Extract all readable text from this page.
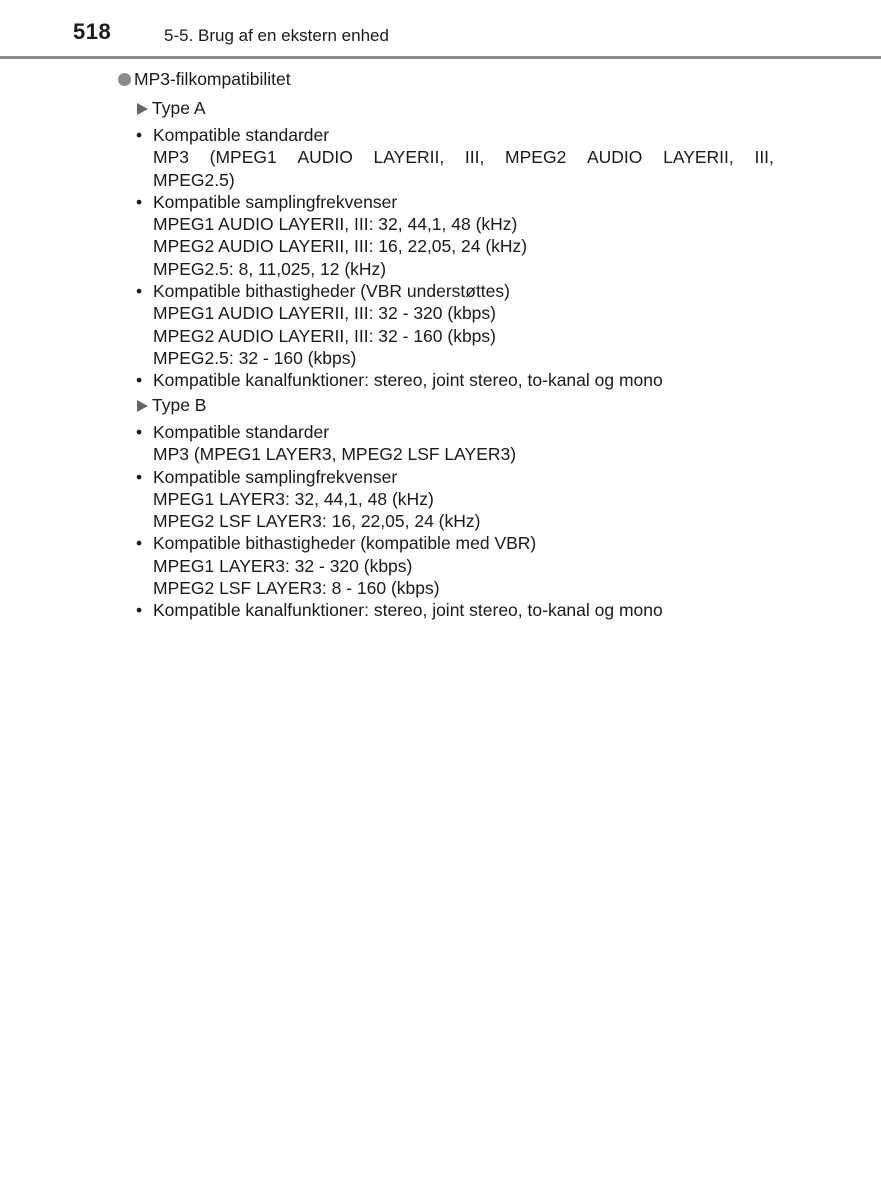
518	5-5. Brug af en ekstern enhed
MP3-filkompatibilitet
Type A
• Kompatible standarder
MP3 (MPEG1 AUDIO LAYERII, III, MPEG2 AUDIO LAYERII, III,
MPEG2.5)
• Kompatible samplingfrekvenser
MPEG1 AUDIO LAYERII, III: 32, 44,1, 48 (kHz)
MPEG2 AUDIO LAYERII, III: 16, 22,05, 24 (kHz)
MPEG2.5: 8, 11,025, 12 (kHz)
• Kompatible bithastigheder (VBR understøttes)
MPEG1 AUDIO LAYERII, III: 32 - 320 (kbps)
MPEG2 AUDIO LAYERII, III: 32 - 160 (kbps)
MPEG2.5: 32 - 160 (kbps)
• Kompatible kanalfunktioner: stereo, joint stereo, to-kanal og mono
Type B
• Kompatible standarder
MP3 (MPEG1 LAYER3, MPEG2 LSF LAYER3)
• Kompatible samplingfrekvenser
MPEG1 LAYER3: 32, 44,1, 48 (kHz)
MPEG2 LSF LAYER3: 16, 22,05, 24 (kHz)
• Kompatible bithastigheder (kompatible med VBR)
MPEG1 LAYER3: 32 - 320 (kbps)
MPEG2 LSF LAYER3: 8 - 160 (kbps)
• Kompatible kanalfunktioner: stereo, joint stereo, to-kanal og mono
